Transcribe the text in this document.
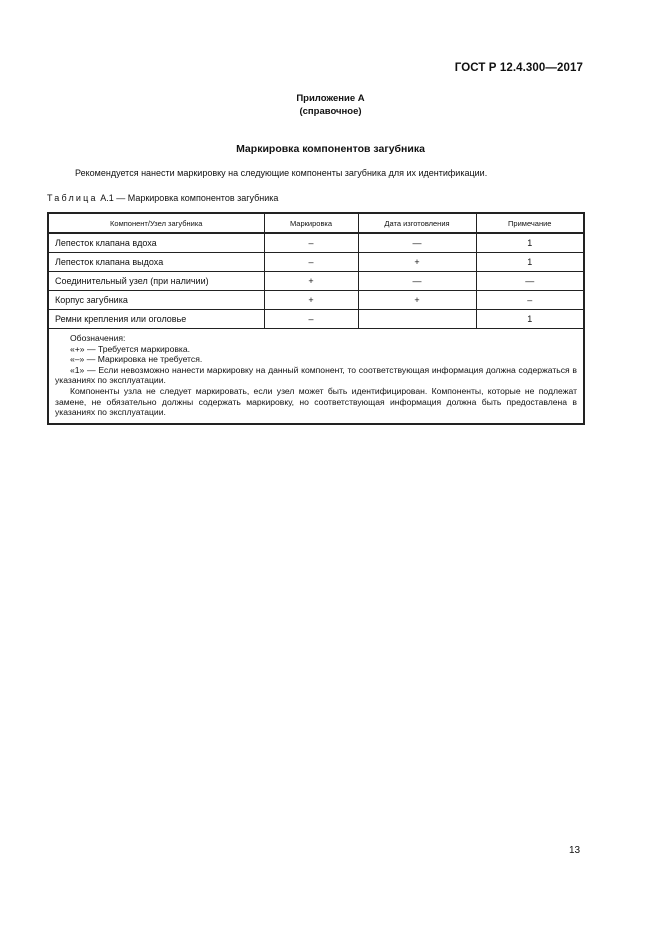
ГОСТ Р 12.4.300—2017
Приложение А
(справочное)
Маркировка компонентов загубника
Рекомендуется нанести маркировку на следующие компоненты загубника для их идентификации.
Таблица А.1 — Маркировка компонентов загубника
Компонент/Узел загубника	Маркировка	Дата изготовления	Примечание
Лепесток клапана вдоха	–	—	1
Лепесток клапана выдоха	–	+	1
Соединительный узел (при наличии)	+	—	—
Корпус загубника	+	+	–
Ремни крепления или оголовье	–		1

Обозначения:

«+» — Требуется маркировка.

«–» — Маркировка не требуется.

«1» — Если невозможно нанести маркировку на данный компонент, то соответствующая информация должна содержаться в указаниях по эксплуатации.

Компоненты узла не следует маркировать, если узел может быть идентифицирован. Компоненты, которые не подлежат замене, не обязательно должны содержать маркировку, но соответствующая информация должна быть предоставлена в указаниях по эксплуатации.			

13
